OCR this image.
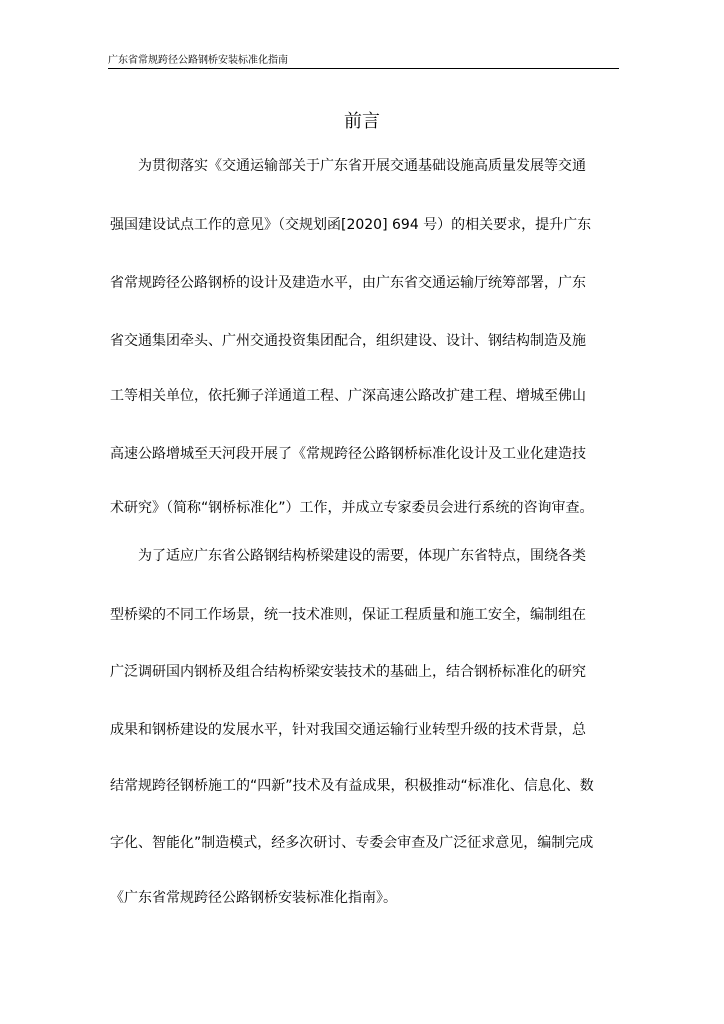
广东省常规跨径公路钢桥安装标准化指南
前言
为贯彻落实《交通运输部关于广东省开展交通基础设施高质量发展等交通
强国建设试点工作的意见》（交规划函[2020] 694 号）的相关要求，提升广东
省常规跨径公路钢桥的设计及建造水平，由广东省交通运输厅统筹部署，广东
省交通集团牵头、广州交通投资集团配合，组织建设、设计、钢结构制造及施
工等相关单位，依托狮子洋通道工程、广深高速公路改扩建工程、增城至佛山
高速公路增城至天河段开展了《常规跨径公路钢桥标准化设计及工业化建造技
术研究》（简称“钢桥标准化”）工作，并成立专家委员会进行系统的咨询审查。
为了适应广东省公路钢结构桥梁建设的需要，体现广东省特点，围绕各类
型桥梁的不同工作场景，统一技术准则，保证工程质量和施工安全，编制组在
广泛调研国内钢桥及组合结构桥梁安装技术的基础上，结合钢桥标准化的研究
成果和钢桥建设的发展水平，针对我国交通运输行业转型升级的技术背景，总
结常规跨径钢桥施工的“四新”技术及有益成果，积极推动“标准化、信息化、数
字化、智能化”制造模式，经多次研讨、专委会审查及广泛征求意见，编制完成
《广东省常规跨径公路钢桥安装标准化指南》。
